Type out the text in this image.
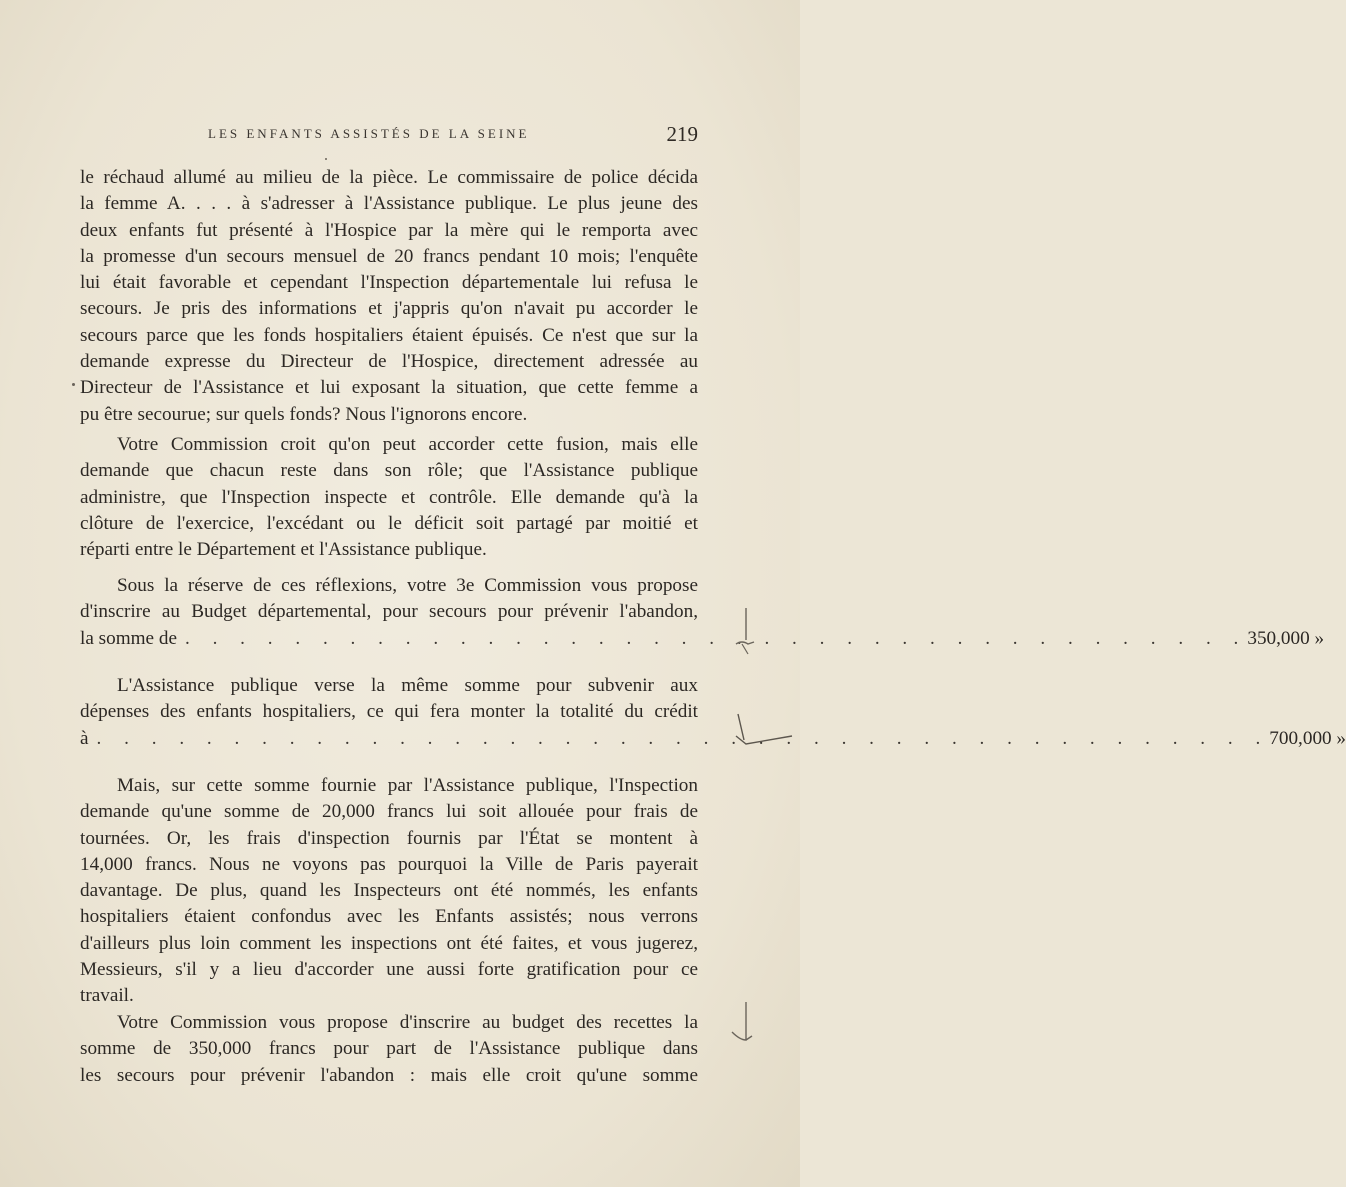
LES ENFANTS ASSISTÉS DE LA SEINE	219
le réchaud allumé au milieu de la pièce. Le commissaire de police décida
la femme A. . . . à s'adresser à l'Assistance publique. Le plus jeune des
deux enfants fut présenté à l'Hospice par la mère qui le remporta avec
la promesse d'un secours mensuel de 20 francs pendant 10 mois; l'enquête
lui était favorable et cependant l'Inspection départementale lui refusa le
secours. Je pris des informations et j'appris qu'on n'avait pu accorder le
secours parce que les fonds hospitaliers étaient épuisés. Ce n'est que sur la
demande expresse du Directeur de l'Hospice, directement adressée au
Directeur de l'Assistance et lui exposant la situation, que cette femme a
pu être secourue; sur quels fonds? Nous l'ignorons encore.
Votre Commission croit qu'on peut accorder cette fusion, mais elle
demande que chacun reste dans son rôle; que l'Assistance publique
administre, que l'Inspection inspecte et contrôle. Elle demande qu'à la
clôture de l'exercice, l'excédant ou le déficit soit partagé par moitié et
réparti entre le Département et l'Assistance publique.
Sous la réserve de ces réflexions, votre 3e Commission vous propose
d'inscrire au Budget départemental, pour secours pour prévenir l'abandon,
la somme de . . . . . . . . . . . . . . . . . . . . . . . . . . . . . . . . . . . . . . . 350,000 »
L'Assistance publique verse la même somme pour subvenir aux
dépenses des enfants hospitaliers, ce qui fera monter la totalité du crédit
à . . . . . . . . . . . . . . . . . . . . . . . . . . . . . . . . . . . . . . . . . . . 700,000 »
Mais, sur cette somme fournie par l'Assistance publique, l'Inspection
demande qu'une somme de 20,000 francs lui soit allouée pour frais de
tournées. Or, les frais d'inspection fournis par l'État se montent à
14,000 francs. Nous ne voyons pas pourquoi la Ville de Paris payerait
davantage. De plus, quand les Inspecteurs ont été nommés, les enfants
hospitaliers étaient confondus avec les Enfants assistés; nous verrons
d'ailleurs plus loin comment les inspections ont été faites, et vous jugerez,
Messieurs, s'il y a lieu d'accorder une aussi forte gratification pour ce
travail.
Votre Commission vous propose d'inscrire au budget des recettes la
somme de 350,000 francs pour part de l'Assistance publique dans
les secours pour prévenir l'abandon : mais elle croit qu'une somme
